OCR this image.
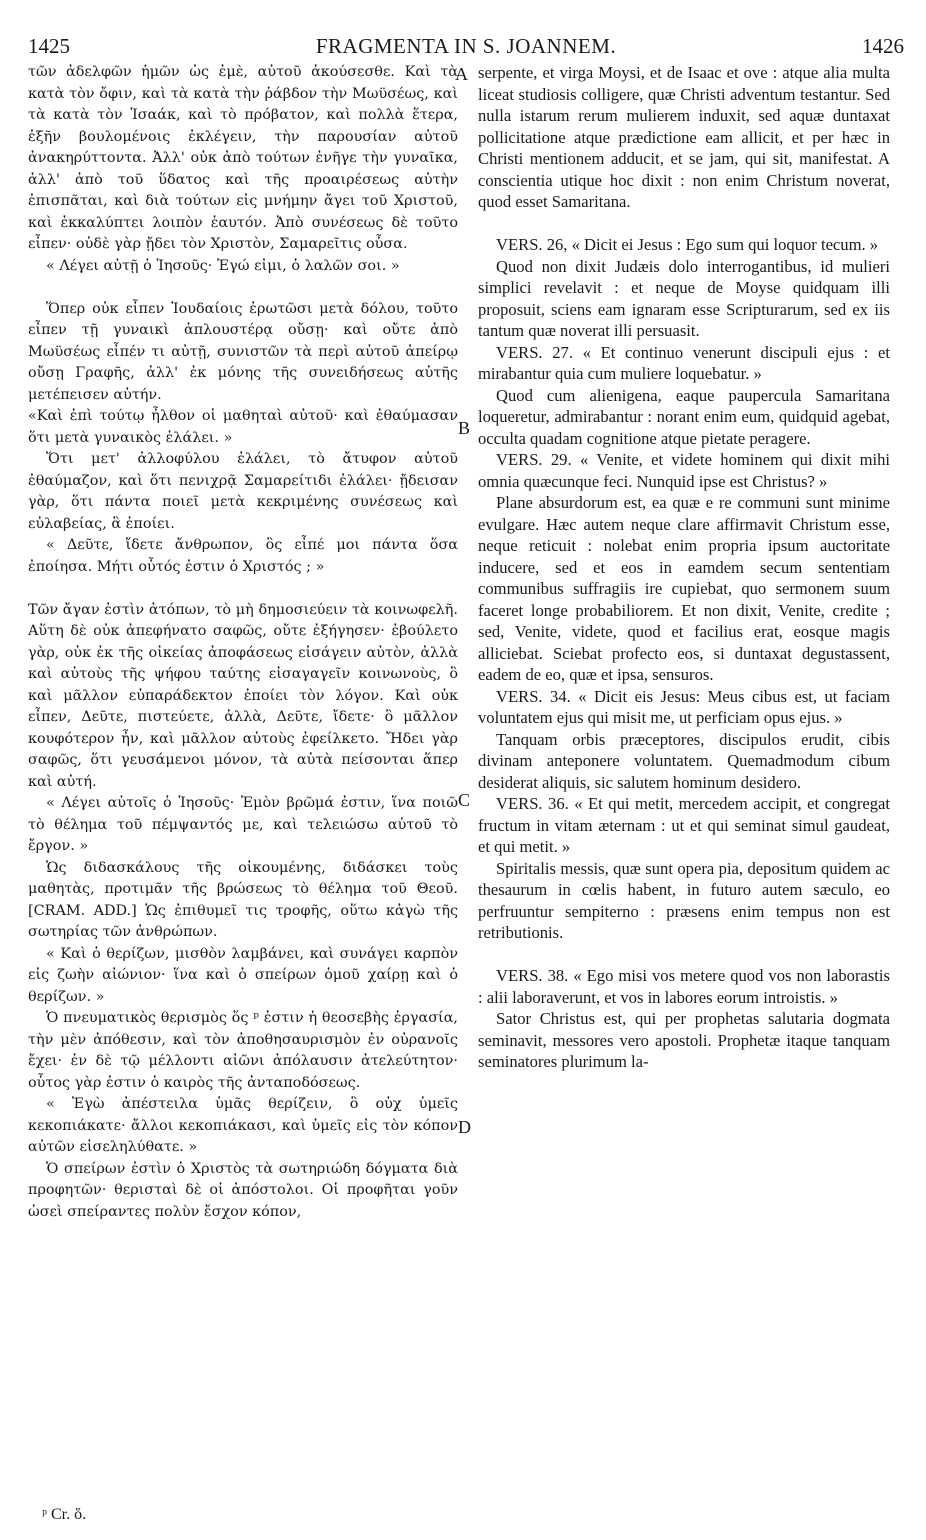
1425	FRAGMENTA IN S. JOANNEM.	1426

τῶν ἀδελφῶν ἡμῶν ὡς ἐμὲ, αὐτοῦ ἀκούσεσθε. Καὶ τὰ κατὰ τὸν ὄφιν, καὶ τὰ κατὰ τὴν ῥάβδον τὴν Μωϋσέως, καὶ τὰ κατὰ τὸν Ἰσαάκ, καὶ τὸ πρόβατον, καὶ πολλὰ ἕτερα, ἐξῆν βουλομένοις ἐκλέγειν, τὴν παρουσίαν αὐτοῦ ἀνακηρύττοντα. Ἀλλ' οὐκ ἀπὸ τούτων ἐνῆγε τὴν γυναῖκα, ἀλλ' ἀπὸ τοῦ ὕδατος καὶ τῆς προαιρέσεως αὐτὴν ἐπισπᾶται, καὶ διὰ τούτων εἰς μνήμην ἄγει τοῦ Χριστοῦ, καὶ ἐκκαλύπτει λοιπὸν ἑαυτόν. Ἀπὸ συνέσεως δὲ τοῦτο εἶπεν· οὐδὲ γὰρ ᾔδει τὸν Χριστὸν, Σαμαρεῖτις οὖσα.

« Λέγει αὐτῇ ὁ Ἰησοῦς· Ἐγώ εἰμι, ὁ λαλῶν σοι. »

Ὅπερ οὐκ εἶπεν Ἰουδαίοις ἐρωτῶσι μετὰ δόλου, τοῦτο εἶπεν τῇ γυναικὶ ἁπλουστέρᾳ οὔσῃ· καὶ οὔτε ἀπὸ Μωϋσέως εἶπέν τι αὐτῇ, συνιστῶν τὰ περὶ αὐτοῦ ἀπείρῳ οὔσῃ Γραφῆς, ἀλλ' ἐκ μόνης τῆς συνειδήσεως αὐτῆς μετέπεισεν αὐτήν.

«Καὶ ἐπὶ τούτῳ ἦλθον οἱ μαθηταὶ αὐτοῦ· καὶ ἐθαύμασαν ὅτι μετὰ γυναικὸς ἐλάλει. »

Ὅτι μετ' ἀλλοφύλου ἐλάλει, τὸ ἄτυφον αὐτοῦ ἐθαύμαζον, καὶ ὅτι πενιχρᾷ Σαμαρείτιδι ἐλάλει· ᾔδεισαν γὰρ, ὅτι πάντα ποιεῖ μετὰ κεκριμένης συνέσεως καὶ εὐλαβείας, ἃ ἐποίει.

« Δεῦτε, ἴδετε ἄνθρωπον, ὃς εἶπέ μοι πάντα ὅσα ἐποίησα. Μήτι οὗτός ἐστιν ὁ Χριστός ; »

Τῶν ἄγαν ἐστὶν ἀτόπων, τὸ μὴ δημοσιεύειν τὰ κοινωφελῆ. Αὕτη δὲ οὐκ ἀπεφήνατο σαφῶς, οὔτε ἐξήγησεν· ἐβούλετο γὰρ, οὐκ ἐκ τῆς οἰκείας ἀποφάσεως εἰσάγειν αὐτὸν, ἀλλὰ καὶ αὐτοὺς τῆς ψήφου ταύτης εἰσαγαγεῖν κοινωνοὺς, ὃ καὶ μᾶλλον εὐπαράδεκτον ἐποίει τὸν λόγον. Καὶ οὐκ εἶπεν, Δεῦτε, πιστεύετε, ἀλλὰ, Δεῦτε, ἴδετε· ὃ μᾶλλον κουφότερον ἦν, καὶ μᾶλλον αὐτοὺς ἐφείλκετο. Ἤδει γὰρ σαφῶς, ὅτι γευσάμενοι μόνον, τὰ αὐτὰ πείσονται ἅπερ καὶ αὐτή.

« Λέγει αὐτοῖς ὁ Ἰησοῦς· Ἐμὸν βρῶμά ἐστιν, ἵνα ποιῶ τὸ θέλημα τοῦ πέμψαντός με, καὶ τελειώσω αὐτοῦ τὸ ἔργον. »

Ὡς διδασκάλους τῆς οἰκουμένης, διδάσκει τοὺς μαθητὰς, προτιμᾶν τῆς βρώσεως τὸ θέλημα τοῦ Θεοῦ. [CRAM. ADD.] Ὡς ἐπιθυμεῖ τις τροφῆς, οὕτω κἀγὼ τῆς σωτηρίας τῶν ἀνθρώπων.

« Καὶ ὁ θερίζων, μισθὸν λαμβάνει, καὶ συνάγει καρπὸν εἰς ζωὴν αἰώνιον· ἵνα καὶ ὁ σπείρων ὁμοῦ χαίρῃ καὶ ὁ θερίζων. »

Ὁ πνευματικὸς θερισμὸς ὅς ᵖ ἐστιν ἡ θεοσεβὴς ἐργασία, τὴν μὲν ἀπόθεσιν, καὶ τὸν ἀποθησαυρισμὸν ἐν οὐρανοῖς ἔχει· ἐν δὲ τῷ μέλλοντι αἰῶνι ἀπόλαυσιν ἀτελεύτητον· οὗτος γὰρ ἐστιν ὁ καιρὸς τῆς ἀνταποδόσεως.

« Ἐγὼ ἀπέστειλα ὑμᾶς θερίζειν, ὃ οὐχ ὑμεῖς κεκοπιάκατε· ἄλλοι κεκοπιάκασι, καὶ ὑμεῖς εἰς τὸν κόπον αὐτῶν εἰσεληλύθατε. »

Ὁ σπείρων ἐστὶν ὁ Χριστὸς τὰ σωτηριώδη δόγματα διὰ προφητῶν· θερισταὶ δὲ οἱ ἀπόστολοι. Οἱ προφῆται γοῦν ὡσεὶ σπείραντες πολὺν ἔσχον κόπον,

A
B
C
D

serpente, et virga Moysi, et de Isaac et ove : atque alia multa liceat studiosis colligere, quæ Christi adventum testantur. Sed nulla istarum rerum mulierem induxit, sed aquæ duntaxat pollicitatione atque prædictione eam allicit, et per hæc in Christi mentionem adducit, et se jam, qui sit, manifestat. A conscientia utique hoc dixit : non enim Christum noverat, quod esset Samaritana.

VERS. 26, « Dicit ei Jesus : Ego sum qui loquor tecum. »

Quod non dixit Judæis dolo interrogantibus, id mulieri simplici revelavit : et neque de Moyse quidquam illi proposuit, sciens eam ignaram esse Scripturarum, sed ex iis tantum quæ noverat illi persuasit.

VERS. 27. « Et continuo venerunt discipuli ejus : et mirabantur quia cum muliere loquebatur. »

Quod cum alienigena, eaque paupercula Samaritana loqueretur, admirabantur : norant enim eum, quidquid agebat, occulta quadam cognitione atque pietate peragere.

VERS. 29. « Venite, et videte hominem qui dixit mihi omnia quæcunque feci. Nunquid ipse est Christus? »

Plane absurdorum est, ea quæ e re communi sunt minime evulgare. Hæc autem neque clare affirmavit Christum esse, neque reticuit : nolebat enim propria ipsum auctoritate inducere, sed et eos in eamdem secum sententiam communibus suffragiis ire cupiebat, quo sermonem suum faceret longe probabiliorem. Et non dixit, Venite, credite ; sed, Venite, videte, quod et facilius erat, eosque magis alliciebat. Sciebat profecto eos, si duntaxat degustassent, eadem de eo, quæ et ipsa, sensuros.

VERS. 34. « Dicit eis Jesus: Meus cibus est, ut faciam voluntatem ejus qui misit me, ut perficiam opus ejus. »

Tanquam orbis præceptores, discipulos erudit, cibis divinam anteponere voluntatem. Quemadmodum cibum desiderat aliquis, sic salutem hominum desidero.

VERS. 36. « Et qui metit, mercedem accipit, et congregat fructum in vitam æternam : ut et qui seminat simul gaudeat, et qui metit. »

Spiritalis messis, quæ sunt opera pia, depositum quidem ac thesaurum in cœlis habent, in futuro autem sæculo, eo perfruuntur sempiterno : præsens enim tempus non est retributionis.

VERS. 38. « Ego misi vos metere quod vos non laborastis : alii laboraverunt, et vos in labores eorum introistis. »

Sator Christus est, qui per prophetas salutaria dogmata seminavit, messores vero apostoli. Prophetæ itaque tanquam seminatores plurimum la-

ᵖ Cr. ὅ.
